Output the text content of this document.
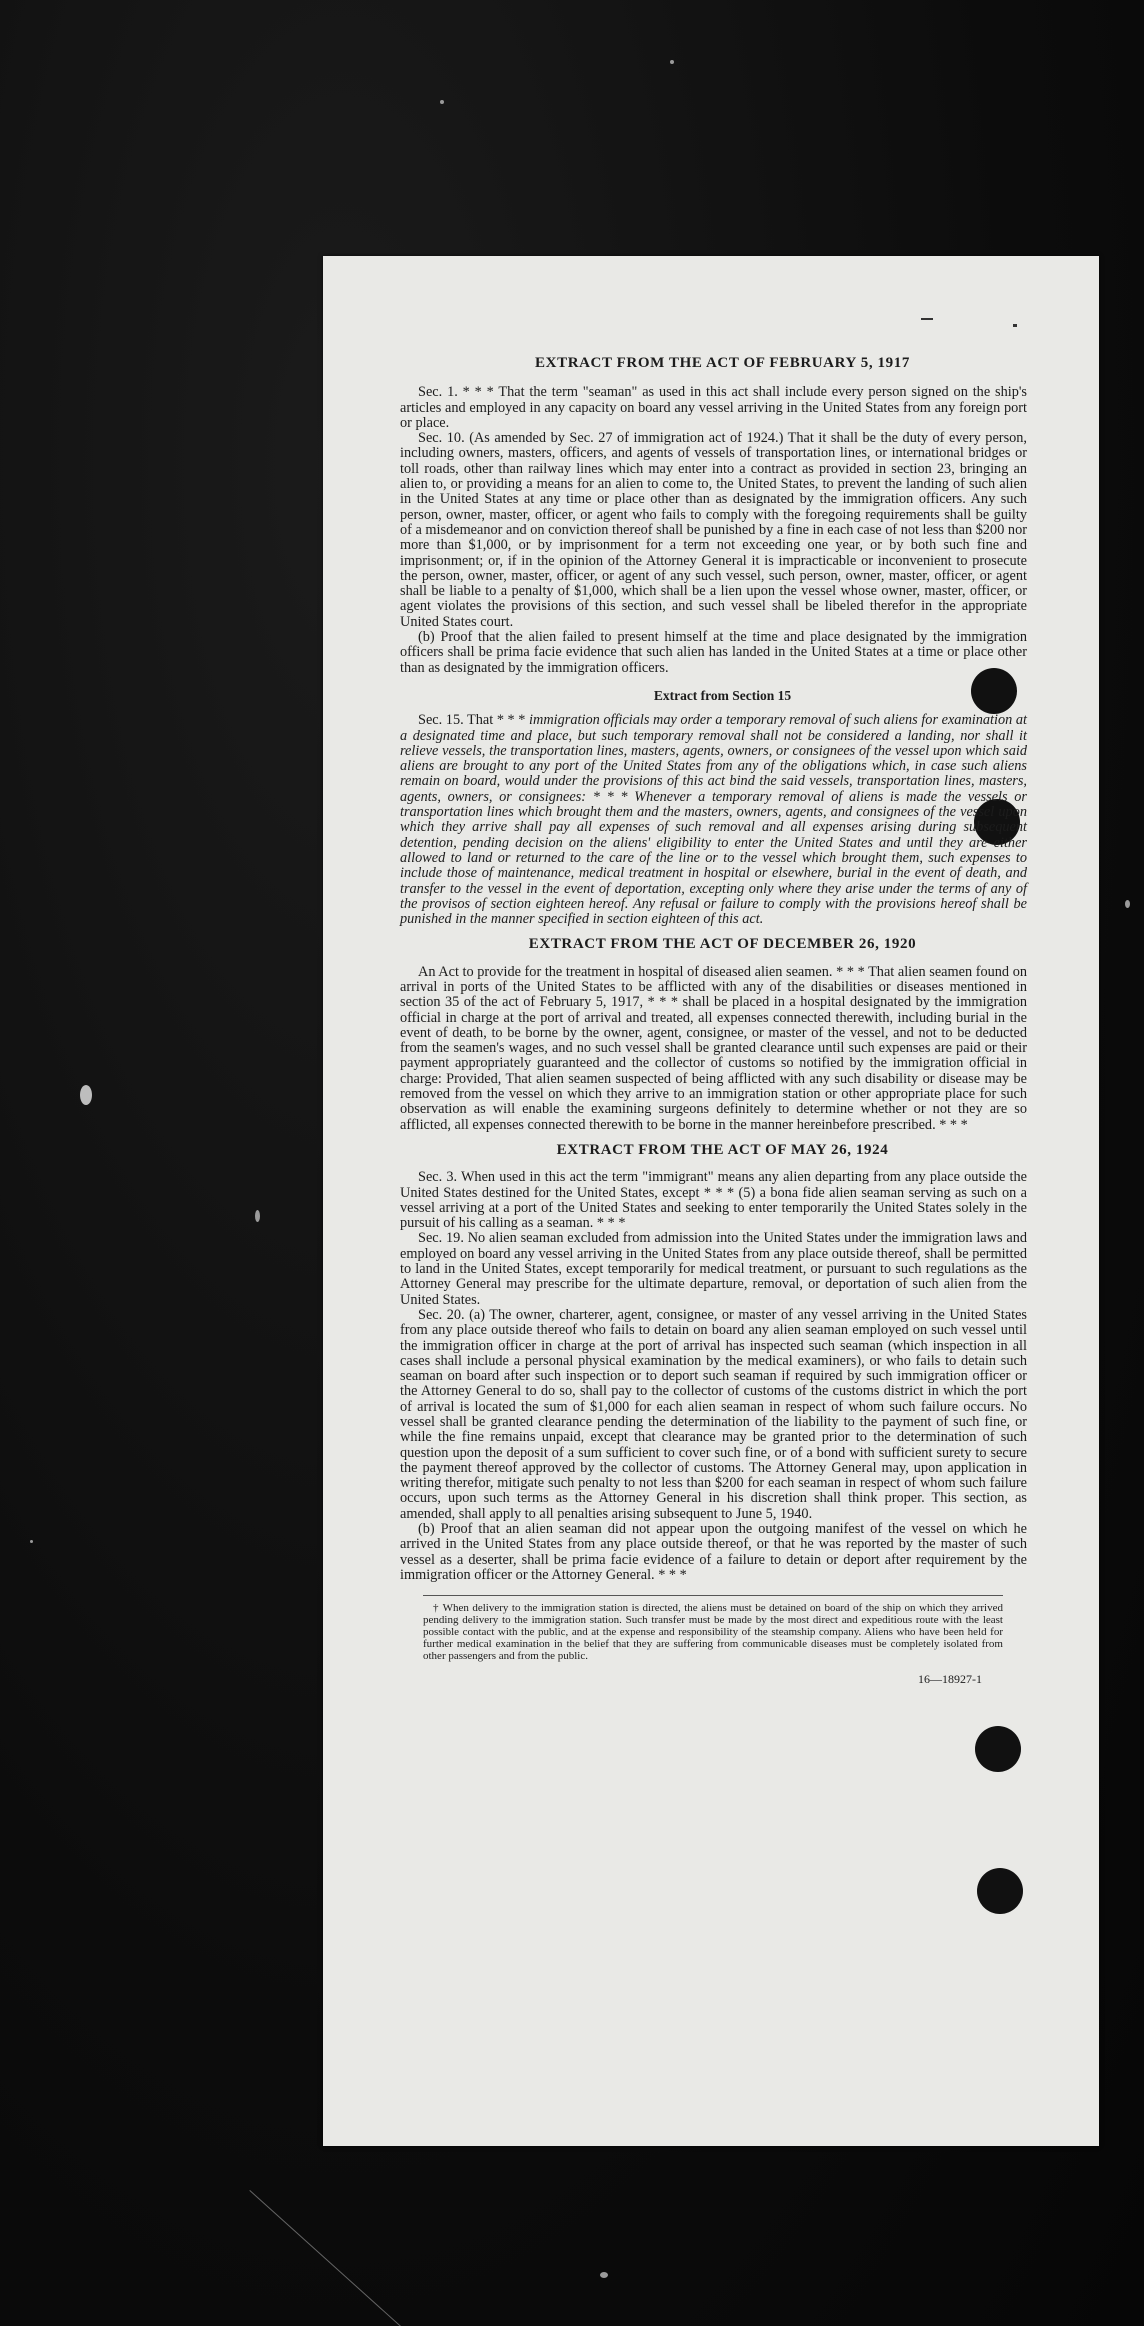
EXTRACT FROM THE ACT OF FEBRUARY 5, 1917

Sec. 1. * * * That the term "seaman" as used in this act shall include every person signed on the ship's articles and employed in any capacity on board any vessel arriving in the United States from any foreign port or place.

Sec. 10. (As amended by Sec. 27 of immigration act of 1924.) That it shall be the duty of every person, including owners, masters, officers, and agents of vessels of transportation lines, or international bridges or toll roads, other than railway lines which may enter into a contract as provided in section 23, bringing an alien to, or providing a means for an alien to come to, the United States, to prevent the landing of such alien in the United States at any time or place other than as designated by the immigration officers. Any such person, owner, master, officer, or agent who fails to comply with the foregoing requirements shall be guilty of a misdemeanor and on conviction thereof shall be punished by a fine in each case of not less than $200 nor more than $1,000, or by imprisonment for a term not exceeding one year, or by both such fine and imprisonment; or, if in the opinion of the Attorney General it is impracticable or inconvenient to prosecute the person, owner, master, officer, or agent of any such vessel, such person, owner, master, officer, or agent shall be liable to a penalty of $1,000, which shall be a lien upon the vessel whose owner, master, officer, or agent violates the provisions of this section, and such vessel shall be libeled therefor in the appropriate United States court.

(b) Proof that the alien failed to present himself at the time and place designated by the immigration officers shall be prima facie evidence that such alien has landed in the United States at a time or place other than as designated by the immigration officers.

Extract from Section 15

Sec. 15. That * * * immigration officials may order a temporary removal of such aliens for examination at a designated time and place, but such temporary removal shall not be considered a landing, nor shall it relieve vessels, the transportation lines, masters, agents, owners, or consignees of the vessel upon which said aliens are brought to any port of the United States from any of the obligations which, in case such aliens remain on board, would under the provisions of this act bind the said vessels, transportation lines, masters, agents, owners, or consignees: * * * Whenever a temporary removal of aliens is made the vessels or transportation lines which brought them and the masters, owners, agents, and consignees of the vessel upon which they arrive shall pay all expenses of such removal and all expenses arising during subsequent detention, pending decision on the aliens' eligibility to enter the United States and until they are either allowed to land or returned to the care of the line or to the vessel which brought them, such expenses to include those of maintenance, medical treatment in hospital or elsewhere, burial in the event of death, and transfer to the vessel in the event of deportation, excepting only where they arise under the terms of any of the provisos of section eighteen hereof. Any refusal or failure to comply with the provisions hereof shall be punished in the manner specified in section eighteen of this act.

EXTRACT FROM THE ACT OF DECEMBER 26, 1920

An Act to provide for the treatment in hospital of diseased alien seamen. * * * That alien seamen found on arrival in ports of the United States to be afflicted with any of the disabilities or diseases mentioned in section 35 of the act of February 5, 1917, * * * shall be placed in a hospital designated by the immigration official in charge at the port of arrival and treated, all expenses connected therewith, including burial in the event of death, to be borne by the owner, agent, consignee, or master of the vessel, and not to be deducted from the seamen's wages, and no such vessel shall be granted clearance until such expenses are paid or their payment appropriately guaranteed and the collector of customs so notified by the immigration official in charge: Provided, That alien seamen suspected of being afflicted with any such disability or disease may be removed from the vessel on which they arrive to an immigration station or other appropriate place for such observation as will enable the examining surgeons definitely to determine whether or not they are so afflicted, all expenses connected therewith to be borne in the manner hereinbefore prescribed. * * *

EXTRACT FROM THE ACT OF MAY 26, 1924

Sec. 3. When used in this act the term "immigrant" means any alien departing from any place outside the United States destined for the United States, except * * * (5) a bona fide alien seaman serving as such on a vessel arriving at a port of the United States and seeking to enter temporarily the United States solely in the pursuit of his calling as a seaman. * * *

Sec. 19. No alien seaman excluded from admission into the United States under the immigration laws and employed on board any vessel arriving in the United States from any place outside thereof, shall be permitted to land in the United States, except temporarily for medical treatment, or pursuant to such regulations as the Attorney General may prescribe for the ultimate departure, removal, or deportation of such alien from the United States.

Sec. 20. (a) The owner, charterer, agent, consignee, or master of any vessel arriving in the United States from any place outside thereof who fails to detain on board any alien seaman employed on such vessel until the immigration officer in charge at the port of arrival has inspected such seaman (which inspection in all cases shall include a personal physical examination by the medical examiners), or who fails to detain such seaman on board after such inspection or to deport such seaman if required by such immigration officer or the Attorney General to do so, shall pay to the collector of customs of the customs district in which the port of arrival is located the sum of $1,000 for each alien seaman in respect of whom such failure occurs. No vessel shall be granted clearance pending the determination of the liability to the payment of such fine, or while the fine remains unpaid, except that clearance may be granted prior to the determination of such question upon the deposit of a sum sufficient to cover such fine, or of a bond with sufficient surety to secure the payment thereof approved by the collector of customs. The Attorney General may, upon application in writing therefor, mitigate such penalty to not less than $200 for each seaman in respect of whom such failure occurs, upon such terms as the Attorney General in his discretion shall think proper. This section, as amended, shall apply to all penalties arising subsequent to June 5, 1940.

(b) Proof that an alien seaman did not appear upon the outgoing manifest of the vessel on which he arrived in the United States from any place outside thereof, or that he was reported by the master of such vessel as a deserter, shall be prima facie evidence of a failure to detain or deport after requirement by the immigration officer or the Attorney General. * * *

† When delivery to the immigration station is directed, the aliens must be detained on board of the ship on which they arrived pending delivery to the immigration station. Such transfer must be made by the most direct and expeditious route with the least possible contact with the public, and at the expense and responsibility of the steamship company. Aliens who have been held for further medical examination in the belief that they are suffering from communicable diseases must be completely isolated from other passengers and from the public.

16—18927-1
